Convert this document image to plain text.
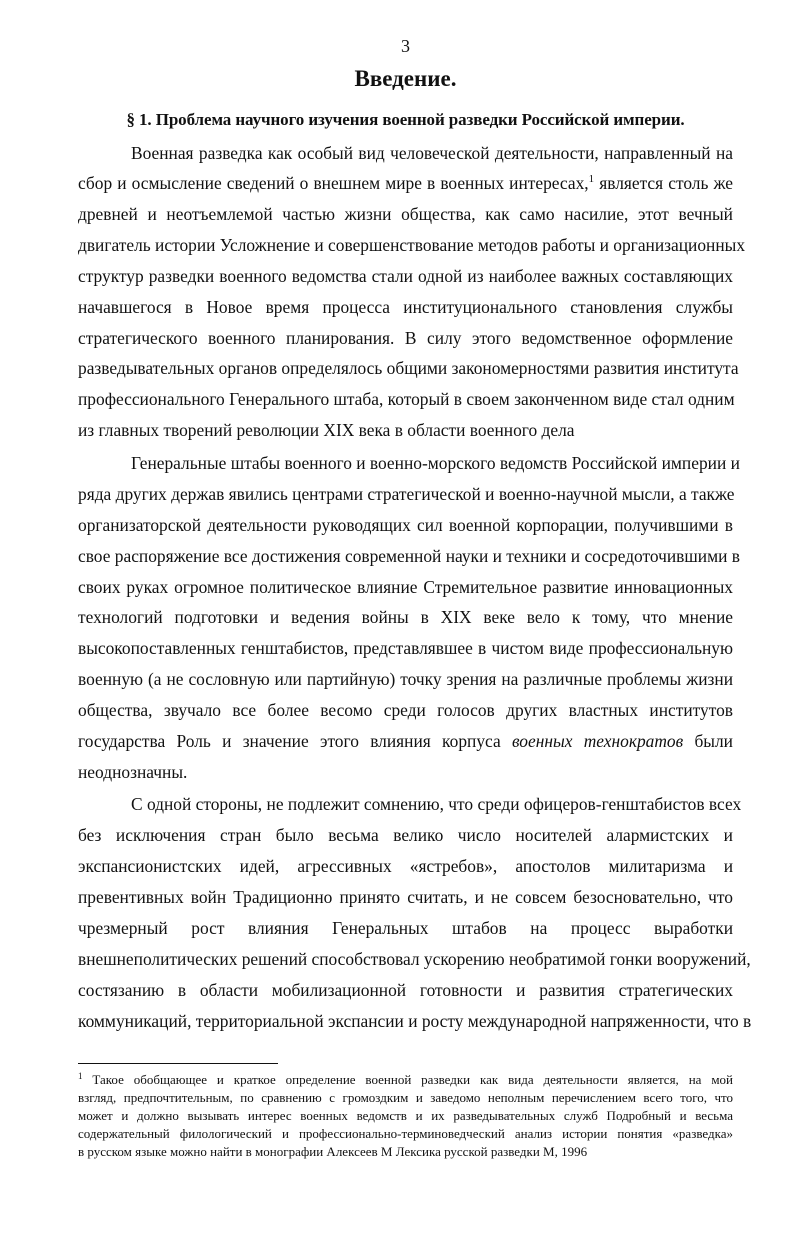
3
Введение.
§ 1. Проблема научного изучения военной разведки Российской империи.
Военная разведка как особый вид человеческой деятельности, направленный на
сбор и осмысление сведений о внешнем мире в военных интересах,$^1$ является столь же
древней и неотъемлемой частью жизни общества, как само насилие, этот вечный
двигатель истории Усложнение и совершенствование методов работы и организационных
структур разведки военного ведомства стали одной из наиболее важных составляющих
начавшегося в Новое время процесса институционального становления службы
стратегического военного планирования. В силу этого ведомственное оформление
разведывательных органов определялось общими закономерностями развития института
профессионального Генерального штаба, который в своем законченном виде стал одним
из главных творений революции XIX века в области военного дела
Генеральные штабы военного и военно-морского ведомств Российской империи и
ряда других держав явились центрами стратегической и военно-научной мысли, а также
организаторской деятельности руководящих сил военной корпорации, получившими в
свое распоряжение все достижения современной науки и техники и сосредоточившими в
своих руках огромное политическое влияние Стремительное развитие инновационных
технологий подготовки и ведения войны в XIX веке вело к тому, что мнение
высокопоставленных генштабистов, представлявшее в чистом виде профессиональную
военную (а не сословную или партийную) точку зрения на различные проблемы жизни
общества, звучало все более весомо среди голосов других властных институтов
государства Роль и значение этого влияния корпуса военных технократов были
неоднозначны.
С одной стороны, не подлежит сомнению, что среди офицеров-генштабистов всех
без исключения стран было весьма велико число носителей алармистских и
экспансионистских идей, агрессивных «ястребов», апостолов милитаризма и
превентивных войн Традиционно принято считать, и не совсем безосновательно, что
чрезмерный рост влияния Генеральных штабов на процесс выработки
внешнеполитических решений способствовал ускорению необратимой гонки вооружений,
состязанию в области мобилизационной готовности и развития стратегических
коммуникаций, территориальной экспансии и росту международной напряженности, что в
$^1$ Такое обобщающее и краткое определение военной разведки как вида деятельности является, на мой
взгляд, предпочтительным, по сравнению с громоздким и заведомо неполным перечислением всего того, что
может и должно вызывать интерес военных ведомств и их разведывательных служб Подробный и весьма
содержательный филологический и профессионально-терминоведческий анализ истории понятия «разведка»
в русском языке можно найти в монографии Алексеев М Лексика русской разведки М, 1996
